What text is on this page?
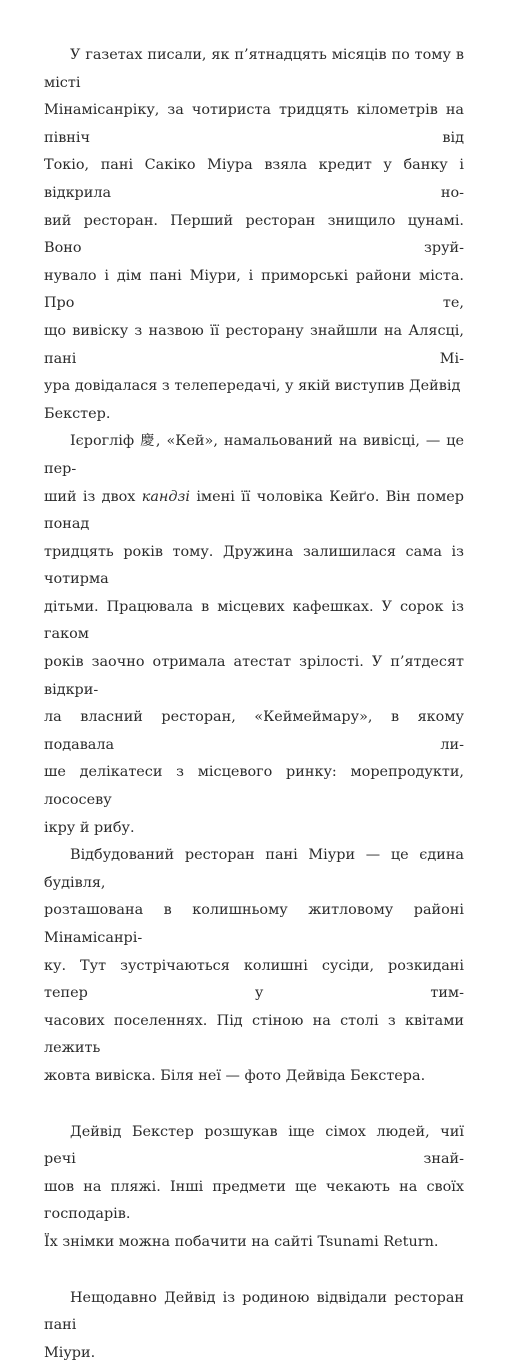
У газетах писали, як п’ятнадцять місяців по тому в місті
Мінамісанріку, за чотириста тридцять кілометрів на північ від
Токіо, пані Сакіко Міура взяла кредит у банку і відкрила но-
вий ресторан. Перший ресторан знищило цунамі. Воно зруй-
нувало і дім пані Міури, і приморські райони міста. Про те,
що вивіску з назвою її ресторану знайшли на Алясці, пані Мі-
ура довідалася з телепередачі, у якій виступив Дейвід Бекстер.

Ієрогліф 慶, «Кей», намальований на вивісці, — це пер-
ший із двох кандзі імені її чоловіка Кейґо. Він помер понад
тридцять років тому. Дружина залишилася сама із чотирма
дітьми. Працювала в місцевих кафешках. У сорок із гаком
років заочно отримала атестат зрілості. У п’ятдесят відкри-
ла власний ресторан, «Кеймеймару», в якому подавала ли-
ше делікатеси з місцевого ринку: морепродукти, лососеву
ікру й рибу.

Відбудований ресторан пані Міури — це єдина будівля,
розташована в колишньому житловому районі Мінамісанрі-
ку. Тут зустрічаються колишні сусіди, розкидані тепер у тим-
часових поселеннях. Під стіною на столі з квітами лежить
жовта вивіска. Біля неї — фото Дейвіда Бекстера.

Дейвід Бекстер розшукав іще сімох людей, чиї речі знай-
шов на пляжі. Інші предмети ще чекають на своїх господарів.
Їх знімки можна побачити на сайті Tsunami Return.

Нещодавно Дейвід із родиною відвідали ресторан пані
Міури.
